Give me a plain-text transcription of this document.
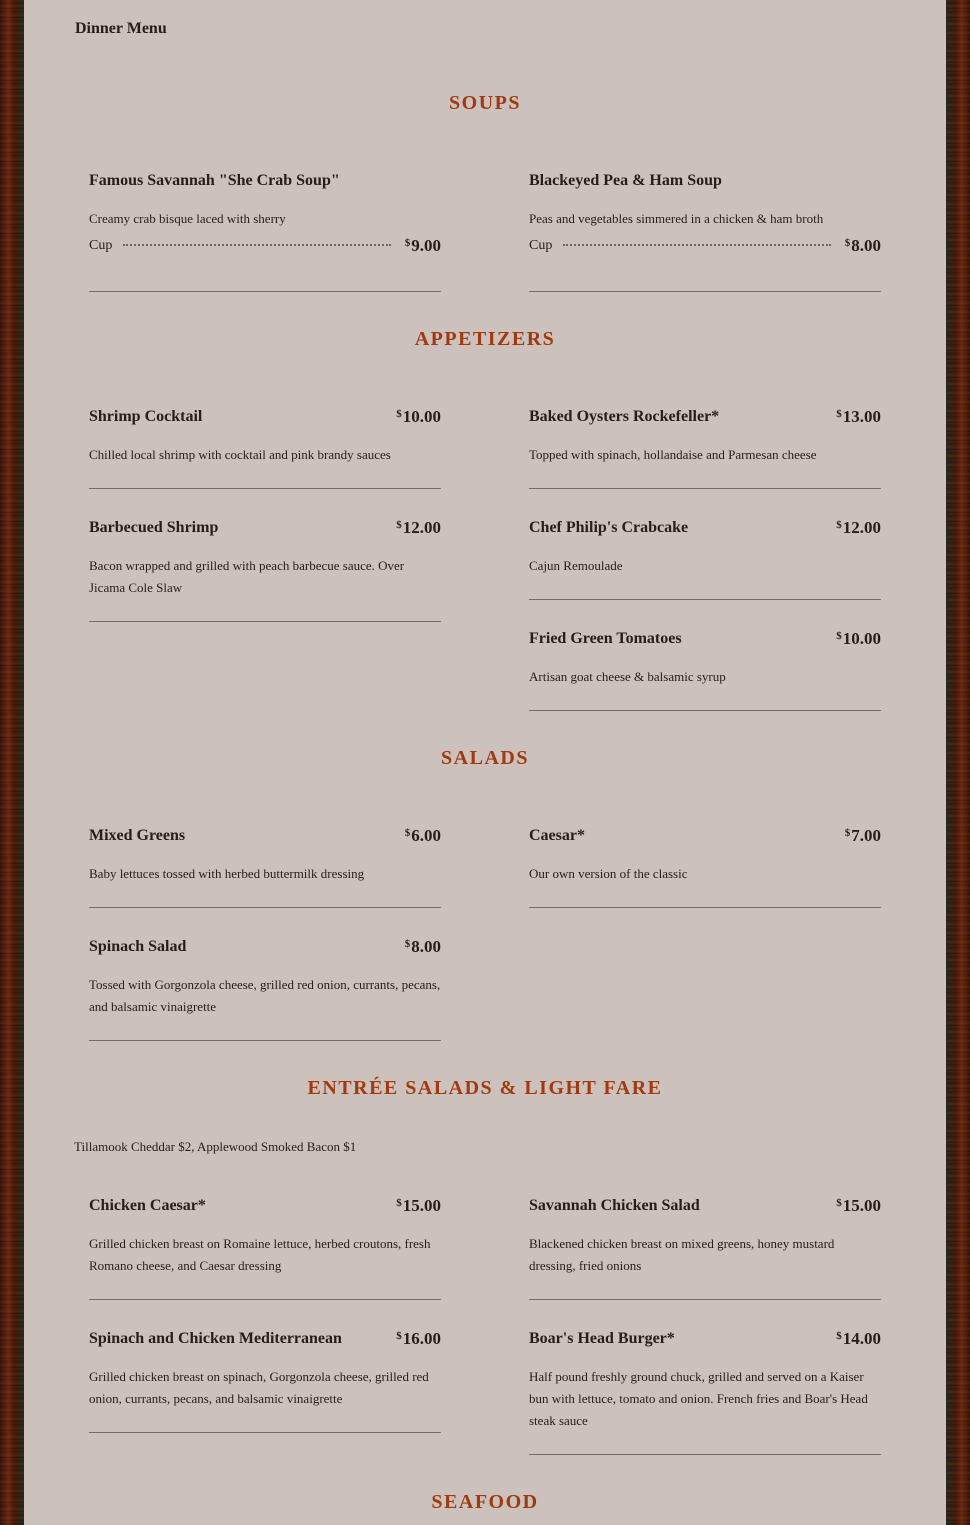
Dinner Menu
SOUPS
Famous Savannah "She Crab Soup"
Creamy crab bisque laced with sherry
Cup	$9.00
Blackeyed Pea & Ham Soup
Peas and vegetables simmered in a chicken & ham broth
Cup	$8.00
APPETIZERS
Shrimp Cocktail	$10.00
Chilled local shrimp with cocktail and pink brandy sauces
Baked Oysters Rockefeller*	$13.00
Topped with spinach, hollandaise and Parmesan cheese
Barbecued Shrimp	$12.00
Bacon wrapped and grilled with peach barbecue sauce. Over Jicama Cole Slaw
Chef Philip's Crabcake	$12.00
Cajun Remoulade
Fried Green Tomatoes	$10.00
Artisan goat cheese & balsamic syrup
SALADS
Mixed Greens	$6.00
Baby lettuces tossed with herbed buttermilk dressing
Caesar*	$7.00
Our own version of the classic
Spinach Salad	$8.00
Tossed with Gorgonzola cheese, grilled red onion, currants, pecans, and balsamic vinaigrette
ENTRÉE SALADS & LIGHT FARE
Tillamook Cheddar $2, Applewood Smoked Bacon $1
Chicken Caesar*	$15.00
Grilled chicken breast on Romaine lettuce, herbed croutons, fresh Romano cheese, and Caesar dressing
Savannah Chicken Salad	$15.00
Blackened chicken breast on mixed greens, honey mustard dressing, fried onions
Spinach and Chicken Mediterranean	$16.00
Grilled chicken breast on spinach, Gorgonzola cheese, grilled red onion, currants, pecans, and balsamic vinaigrette
Boar's Head Burger*	$14.00
Half pound freshly ground chuck, grilled and served on a Kaiser bun with lettuce, tomato and onion. French fries and Boar's Head steak sauce
SEAFOOD
